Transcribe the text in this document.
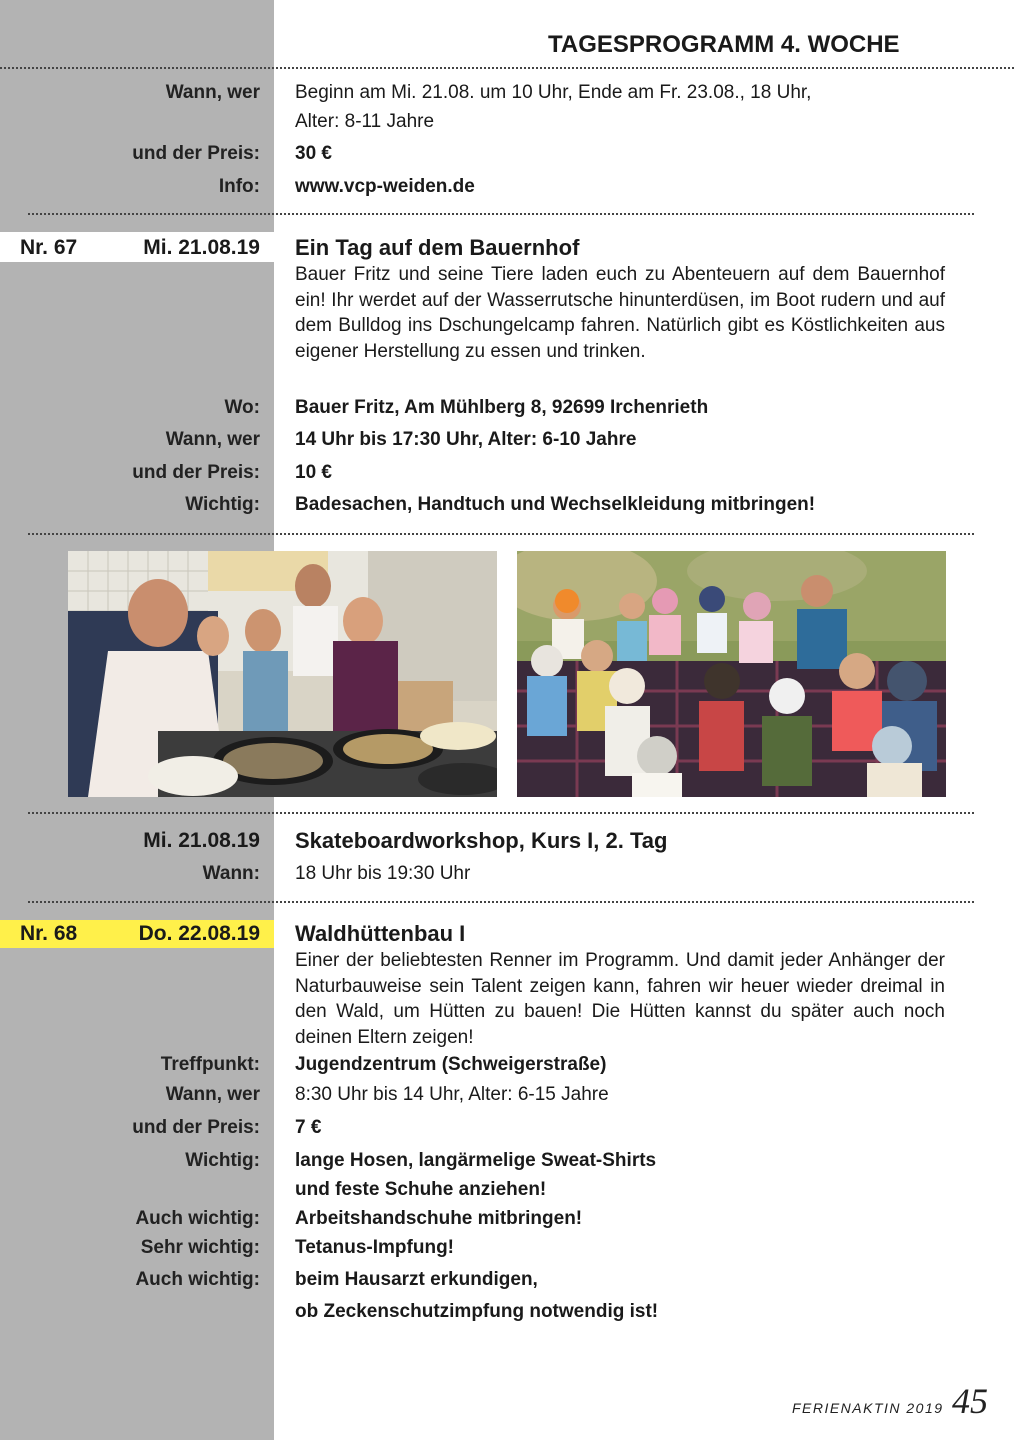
TAGESPROGRAMM 4. WOCHE
Wann, wer Beginn am Mi. 21.08. um 10 Uhr, Ende am Fr. 23.08., 18 Uhr,
Alter: 8-11 Jahre
und der Preis: 30 €
Info: www.vcp-weiden.de
Nr. 67	Mi. 21.08.19 Ein Tag auf dem Bauernhof
Bauer Fritz und seine Tiere laden euch zu Abenteuern auf dem Bauernhof ein! Ihr werdet auf der Wasserrutsche hinunterdüsen, im Boot rudern und auf dem Bulldog ins Dschungelcamp fahren. Natürlich gibt es Köstlichkeiten aus eigener Herstellung zu essen und trinken.
Wo: Bauer Fritz, Am Mühlberg 8, 92699 Irchenrieth
Wann, wer 14 Uhr bis 17:30 Uhr, Alter: 6-10 Jahre
und der Preis: 10 €
Wichtig: Badesachen, Handtuch und Wechselkleidung mitbringen!
Mi. 21.08.19 Skateboardworkshop, Kurs I, 2. Tag
Wann: 18 Uhr bis 19:30 Uhr
Nr. 68	Do. 22.08.19 Waldhüttenbau I
Einer der beliebtesten Renner im Programm. Und damit jeder Anhänger der Naturbauweise sein Talent zeigen kann, fahren wir heuer wieder dreimal in den Wald, um Hütten zu bauen! Die Hütten kannst du später auch noch deinen Eltern zeigen!
Treffpunkt: Jugendzentrum (Schweigerstraße)
Wann, wer 8:30 Uhr bis 14 Uhr, Alter: 6-15 Jahre
und der Preis: 7 €
Wichtig: lange Hosen, langärmelige Sweat-Shirts
und feste Schuhe anziehen!
Auch wichtig: Arbeitshandschuhe mitbringen!
Sehr wichtig: Tetanus-Impfung!
Auch wichtig: beim Hausarzt erkundigen,
ob Zeckenschutzimpfung notwendig ist!
FERIENAKTIN 2019 45
